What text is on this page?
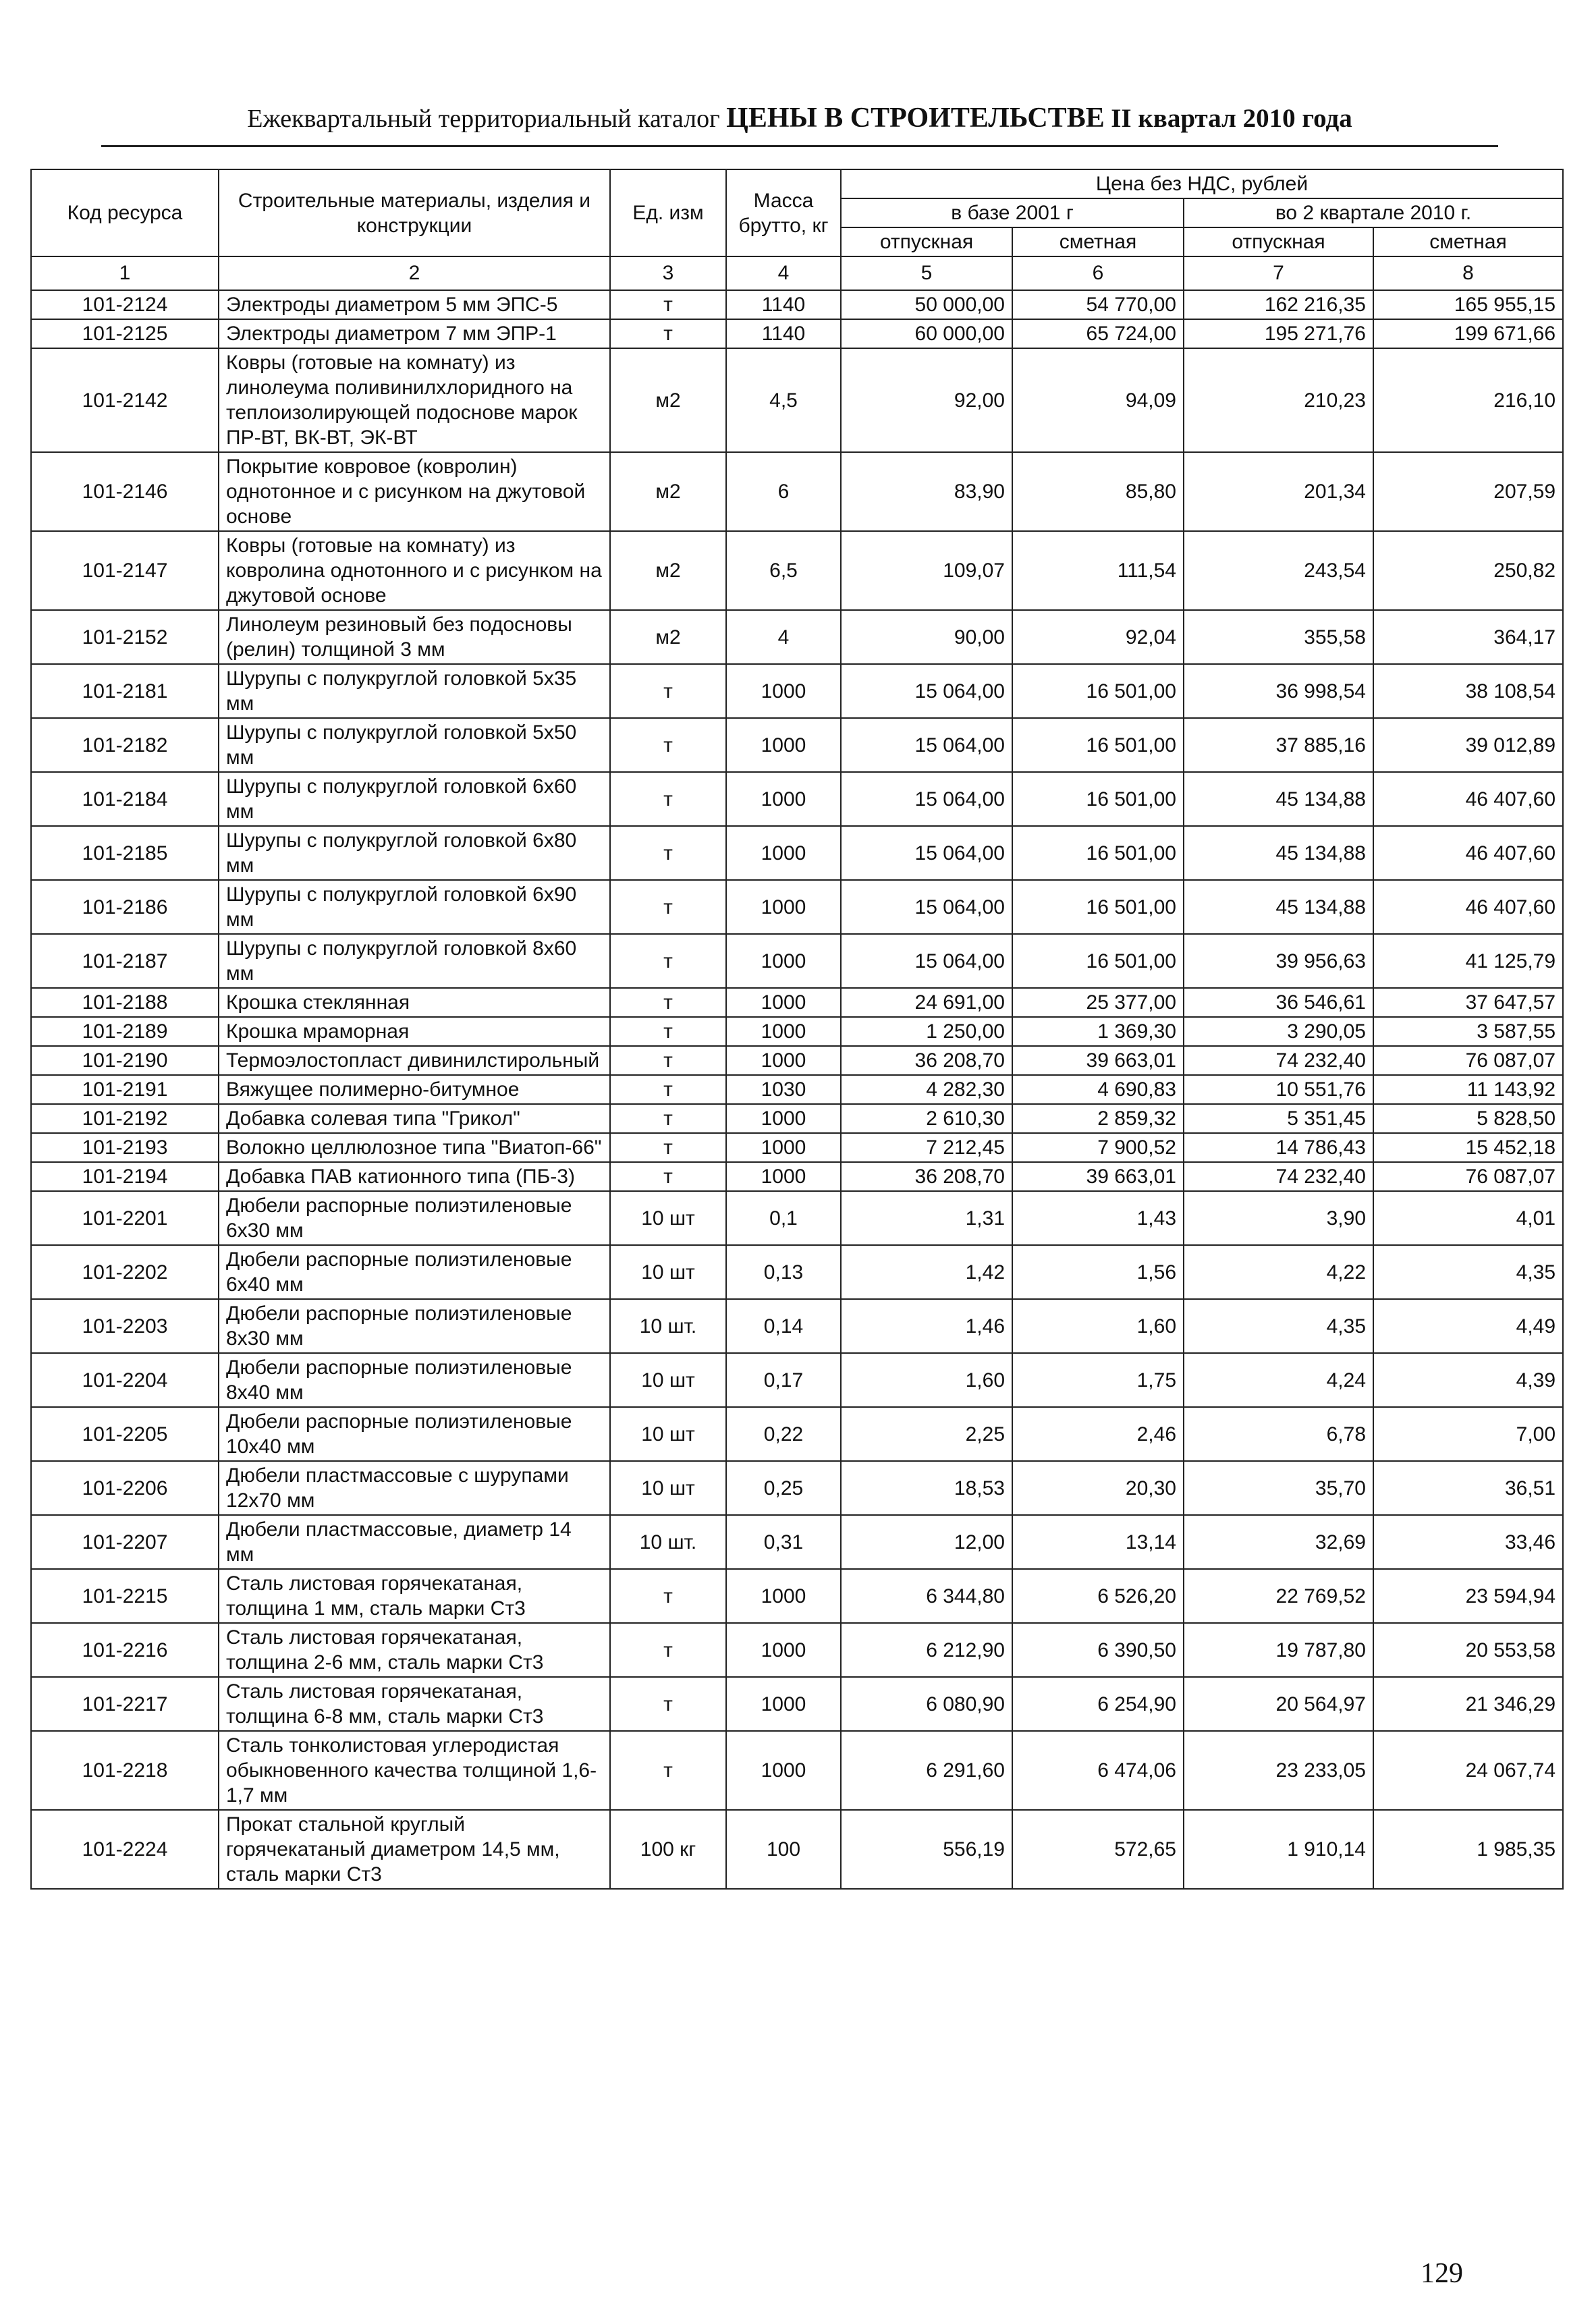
Ежеквартальный территориальный каталог ЦЕНЫ В СТРОИТЕЛЬСТВЕ II квартал 2010 года
Код ресурса	Строительные материалы, изделия и конструкции	Ед. изм	Масса брутто, кг	Цена без НДС, рублей			
				в базе 2001 г		во 2 квартале 2010 г.	
				отпускная	сметная	отпускная	сметная
1	2	3	4	5	6	7	8
101-2124	Электроды диаметром 5 мм ЭПС-5	т	1140	50 000,00	54 770,00	162 216,35	165 955,15
101-2125	Электроды диаметром 7 мм ЭПР-1	т	1140	60 000,00	65 724,00	195 271,76	199 671,66
101-2142	Ковры (готовые на комнату) из линолеума поливинилхлоридного на теплоизолирующей подоснове марок ПР-ВТ, ВК-ВТ, ЭК-ВТ	м2	4,5	92,00	94,09	210,23	216,10
101-2146	Покрытие ковровое (ковролин) однотонное и с рисунком на джутовой основе	м2	6	83,90	85,80	201,34	207,59
101-2147	Ковры (готовые на комнату) из ковролина однотонного и с рисунком на джутовой основе	м2	6,5	109,07	111,54	243,54	250,82
101-2152	Линолеум резиновый без подосновы (релин) толщиной 3 мм	м2	4	90,00	92,04	355,58	364,17
101-2181	Шурупы с полукруглой головкой 5х35 мм	т	1000	15 064,00	16 501,00	36 998,54	38 108,54
101-2182	Шурупы с полукруглой головкой 5х50 мм	т	1000	15 064,00	16 501,00	37 885,16	39 012,89
101-2184	Шурупы с полукруглой головкой 6х60 мм	т	1000	15 064,00	16 501,00	45 134,88	46 407,60
101-2185	Шурупы с полукруглой головкой 6х80 мм	т	1000	15 064,00	16 501,00	45 134,88	46 407,60
101-2186	Шурупы с полукруглой головкой 6х90 мм	т	1000	15 064,00	16 501,00	45 134,88	46 407,60
101-2187	Шурупы с полукруглой головкой 8х60 мм	т	1000	15 064,00	16 501,00	39 956,63	41 125,79
101-2188	Крошка стеклянная	т	1000	24 691,00	25 377,00	36 546,61	37 647,57
101-2189	Крошка мраморная	т	1000	1 250,00	1 369,30	3 290,05	3 587,55
101-2190	Термоэлостопласт дивинилстирольный	т	1000	36 208,70	39 663,01	74 232,40	76 087,07
101-2191	Вяжущее полимерно-битумное	т	1030	4 282,30	4 690,83	10 551,76	11 143,92
101-2192	Добавка солевая типа "Грикол"	т	1000	2 610,30	2 859,32	5 351,45	5 828,50
101-2193	Волокно целлюлозное типа "Виатоп-66"	т	1000	7 212,45	7 900,52	14 786,43	15 452,18
101-2194	Добавка ПАВ катионного типа (ПБ-3)	т	1000	36 208,70	39 663,01	74 232,40	76 087,07
101-2201	Дюбели распорные полиэтиленовые 6х30 мм	10 шт	0,1	1,31	1,43	3,90	4,01
101-2202	Дюбели распорные полиэтиленовые 6х40 мм	10 шт	0,13	1,42	1,56	4,22	4,35
101-2203	Дюбели распорные полиэтиленовые 8х30 мм	10 шт.	0,14	1,46	1,60	4,35	4,49
101-2204	Дюбели распорные полиэтиленовые 8х40 мм	10 шт	0,17	1,60	1,75	4,24	4,39
101-2205	Дюбели распорные полиэтиленовые 10х40 мм	10 шт	0,22	2,25	2,46	6,78	7,00
101-2206	Дюбели пластмассовые с шурупами 12х70 мм	10 шт	0,25	18,53	20,30	35,70	36,51
101-2207	Дюбели пластмассовые, диаметр 14 мм	10 шт.	0,31	12,00	13,14	32,69	33,46
101-2215	Сталь листовая горячекатаная, толщина 1 мм, сталь марки Ст3	т	1000	6 344,80	6 526,20	22 769,52	23 594,94
101-2216	Сталь листовая горячекатаная, толщина 2-6 мм, сталь марки Ст3	т	1000	6 212,90	6 390,50	19 787,80	20 553,58
101-2217	Сталь листовая горячекатаная, толщина 6-8 мм, сталь марки Ст3	т	1000	6 080,90	6 254,90	20 564,97	21 346,29
101-2218	Сталь тонколистовая углеродистая обыкновенного качества толщиной 1,6-1,7 мм	т	1000	6 291,60	6 474,06	23 233,05	24 067,74
101-2224	Прокат стальной круглый горячекатаный диаметром 14,5 мм, сталь марки Ст3	100 кг	100	556,19	572,65	1 910,14	1 985,35
129
